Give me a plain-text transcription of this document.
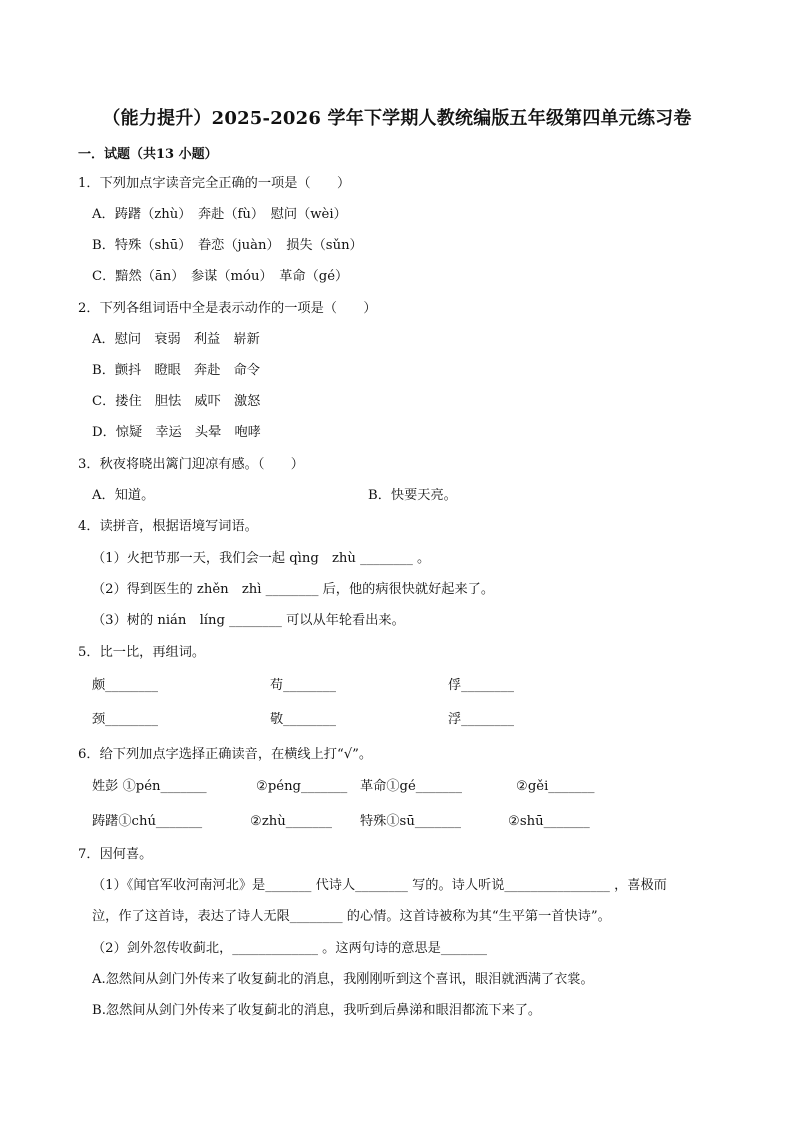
（能力提升）2025-2026 学年下学期人教统编版五年级第四单元练习卷
一．试题（共13 小题）
1．下列加点字读音完全正确的一项是（　　）
A．踌躇（zhù）　奔赴（fù）　慰问（wèi）
B．特殊（shū）　眷恋（juàn）　损失（sǔn）
C．黯然（ān）　参谋（móu）　革命（gé）
2．下列各组词语中全是表示动作的一项是（　　）
A．慰问　衰弱　利益　崭新
B．颤抖　瞪眼　奔赴　命令
C．搂住　胆怯　威吓　激怒
D．惊疑　幸运　头晕　咆哮
3．秋夜将晓出篱门迎凉有感。（　　）
A．知道。	B．快要天亮。
4．读拼音，根据语境写词语。
（1）火把节那一天，我们会一起 qìng　zhù ________ 。
（2）得到医生的 zhěn　zhì ________ 后，他的病很快就好起来了。
（3）树的 nián　líng ________ 可以从年轮看出来。
5．比一比，再组词。
颇________	苟________	俘________
颈________	敬________	浮________
6．给下列加点字选择正确读音，在横线上打“√”。
姓彭 ①pén_______	②péng_______ 革命①gé_______	②gěi_______
踌躇①chú_______	②zhù_______ 特殊①sū_______	②shū_______
7．因何喜。
（1）《闻官军收河南河北》是_______ 代诗人________ 写的。诗人听说________________ ，喜极而
泣，作了这首诗，表达了诗人无限________ 的心情。这首诗被称为其“生平第一首快诗”。
（2）剑外忽传收蓟北，_____________ 。这两句诗的意思是_______
A.忽然间从剑门外传来了收复蓟北的消息，我刚刚听到这个喜讯，眼泪就洒满了衣裳。
B.忽然间从剑门外传来了收复蓟北的消息，我听到后鼻涕和眼泪都流下来了。
